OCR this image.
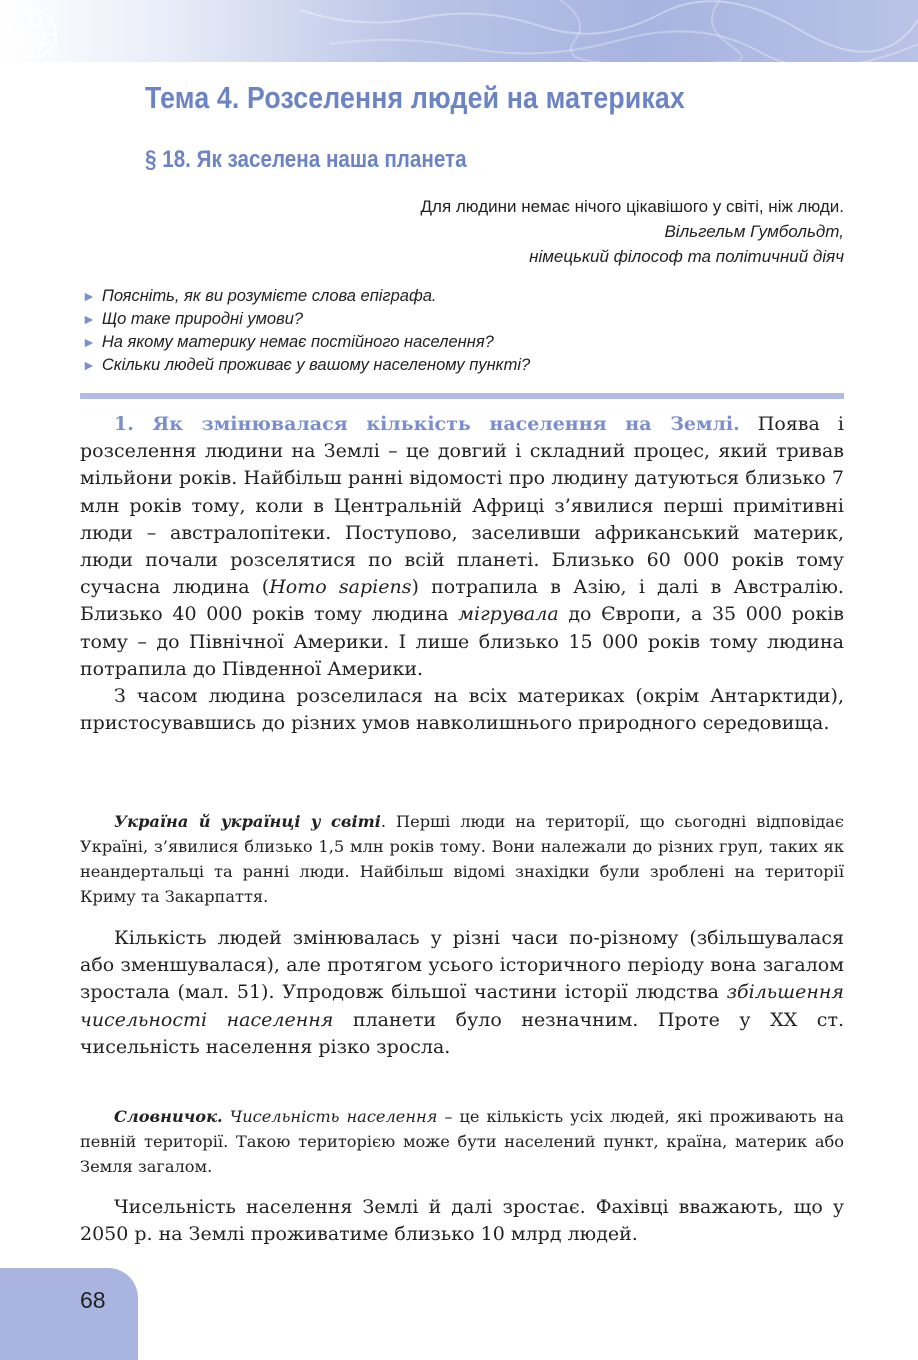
Тема 4. Розселення людей на материках
§ 18. Як заселена наша планета
Для людини немає нічого цікавішого у світі, ніж люди.
Вільгельм Гумбольдт,
німецький філософ та політичний діяч
► Поясніть, як ви розумієте слова епіграфа.
► Що таке природні умови?
► На якому материку немає постійного населення?
► Скільки людей проживає у вашому населеному пункті?

1. Як змінювалася кількість населення на Землі. Поява і розселення людини на Землі – це довгий і складний процес, який тривав мільйони років. Найбільш ранні відомості про людину датуються близько 7 млн років тому, коли в Центральній Африці з’явилися перші примітивні люди – австралопітеки. Поступово, заселивши африканський материк, люди почали розселятися по всій планеті. Близько 60 000 років тому сучасна людина (Homo sapiens) потрапила в Азію, і далі в Австралію. Близько 40 000 років тому людина мігрувала до Європи, а 35 000 років тому – до Північної Америки. І лише близько 15 000 років тому людина потрапила до Південної Америки.

З часом людина розселилася на всіх материках (окрім Антарктиди), пристосувавшись до різних умов навколишнього природного середовища.

Україна й українці у світі. Перші люди на території, що сьогодні відповідає Україні, з’явилися близько 1,5 млн років тому. Вони належали до різних груп, таких як неандертальці та ранні люди. Найбільш відомі знахідки були зроблені на території Криму та Закарпаття.

Кількість людей змінювалась у різні часи по-різному (збільшувалася або зменшувалася), але протягом усього історичного періоду вона загалом зростала (мал. 51). Упродовж більшої частини історії людства збільшення чисельності населення планети було незначним. Проте у ХХ ст. чисельність населення різко зросла.

Словничок. Чисельність населення – це кількість усіх людей, які проживають на певній території. Такою територією може бути населений пункт, країна, материк або Земля загалом.

Чисельність населення Землі й далі зростає. Фахівці вважають, що у 2050 р. на Землі проживатиме близько 10 млрд людей.

68
